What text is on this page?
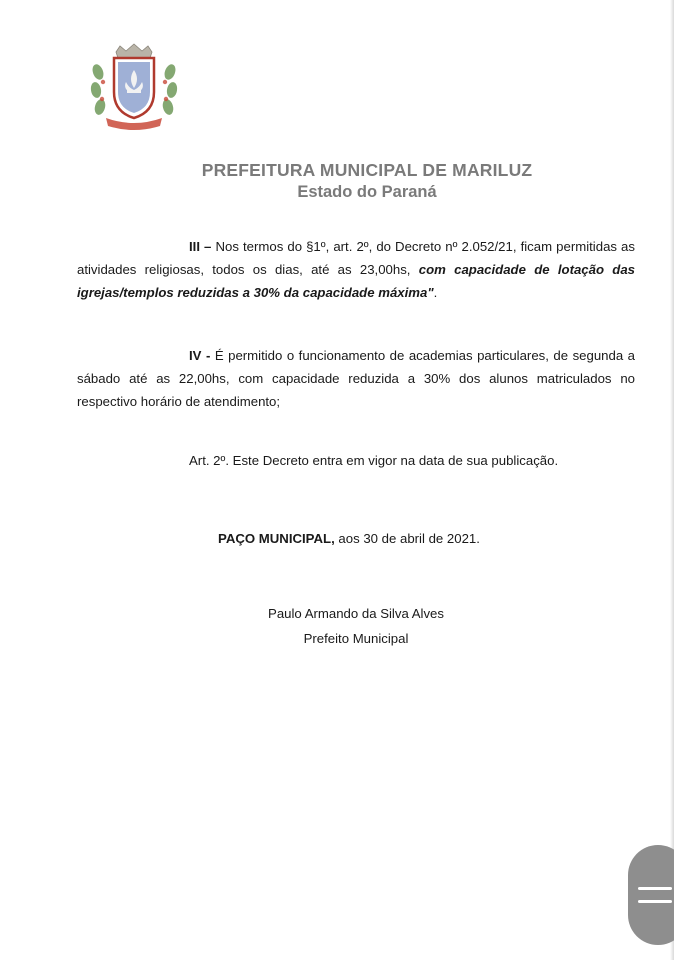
PREFEITURA MUNICIPAL DE MARILUZ
Estado do Paraná
III – Nos termos do §1º, art. 2º, do Decreto nº 2.052/21, ficam permitidas as atividades religiosas, todos os dias, até as 23,00hs, com capacidade de lotação das igrejas/templos reduzidas a 30% da capacidade máxima".
IV - É permitido o funcionamento de academias particulares, de segunda a sábado até as 22,00hs, com capacidade reduzida a 30% dos alunos matriculados no respectivo horário de atendimento;
Art. 2º. Este Decreto entra em vigor na data de sua publicação.
PAÇO MUNICIPAL, aos 30 de abril de 2021.
Paulo Armando da Silva Alves
Prefeito Municipal
